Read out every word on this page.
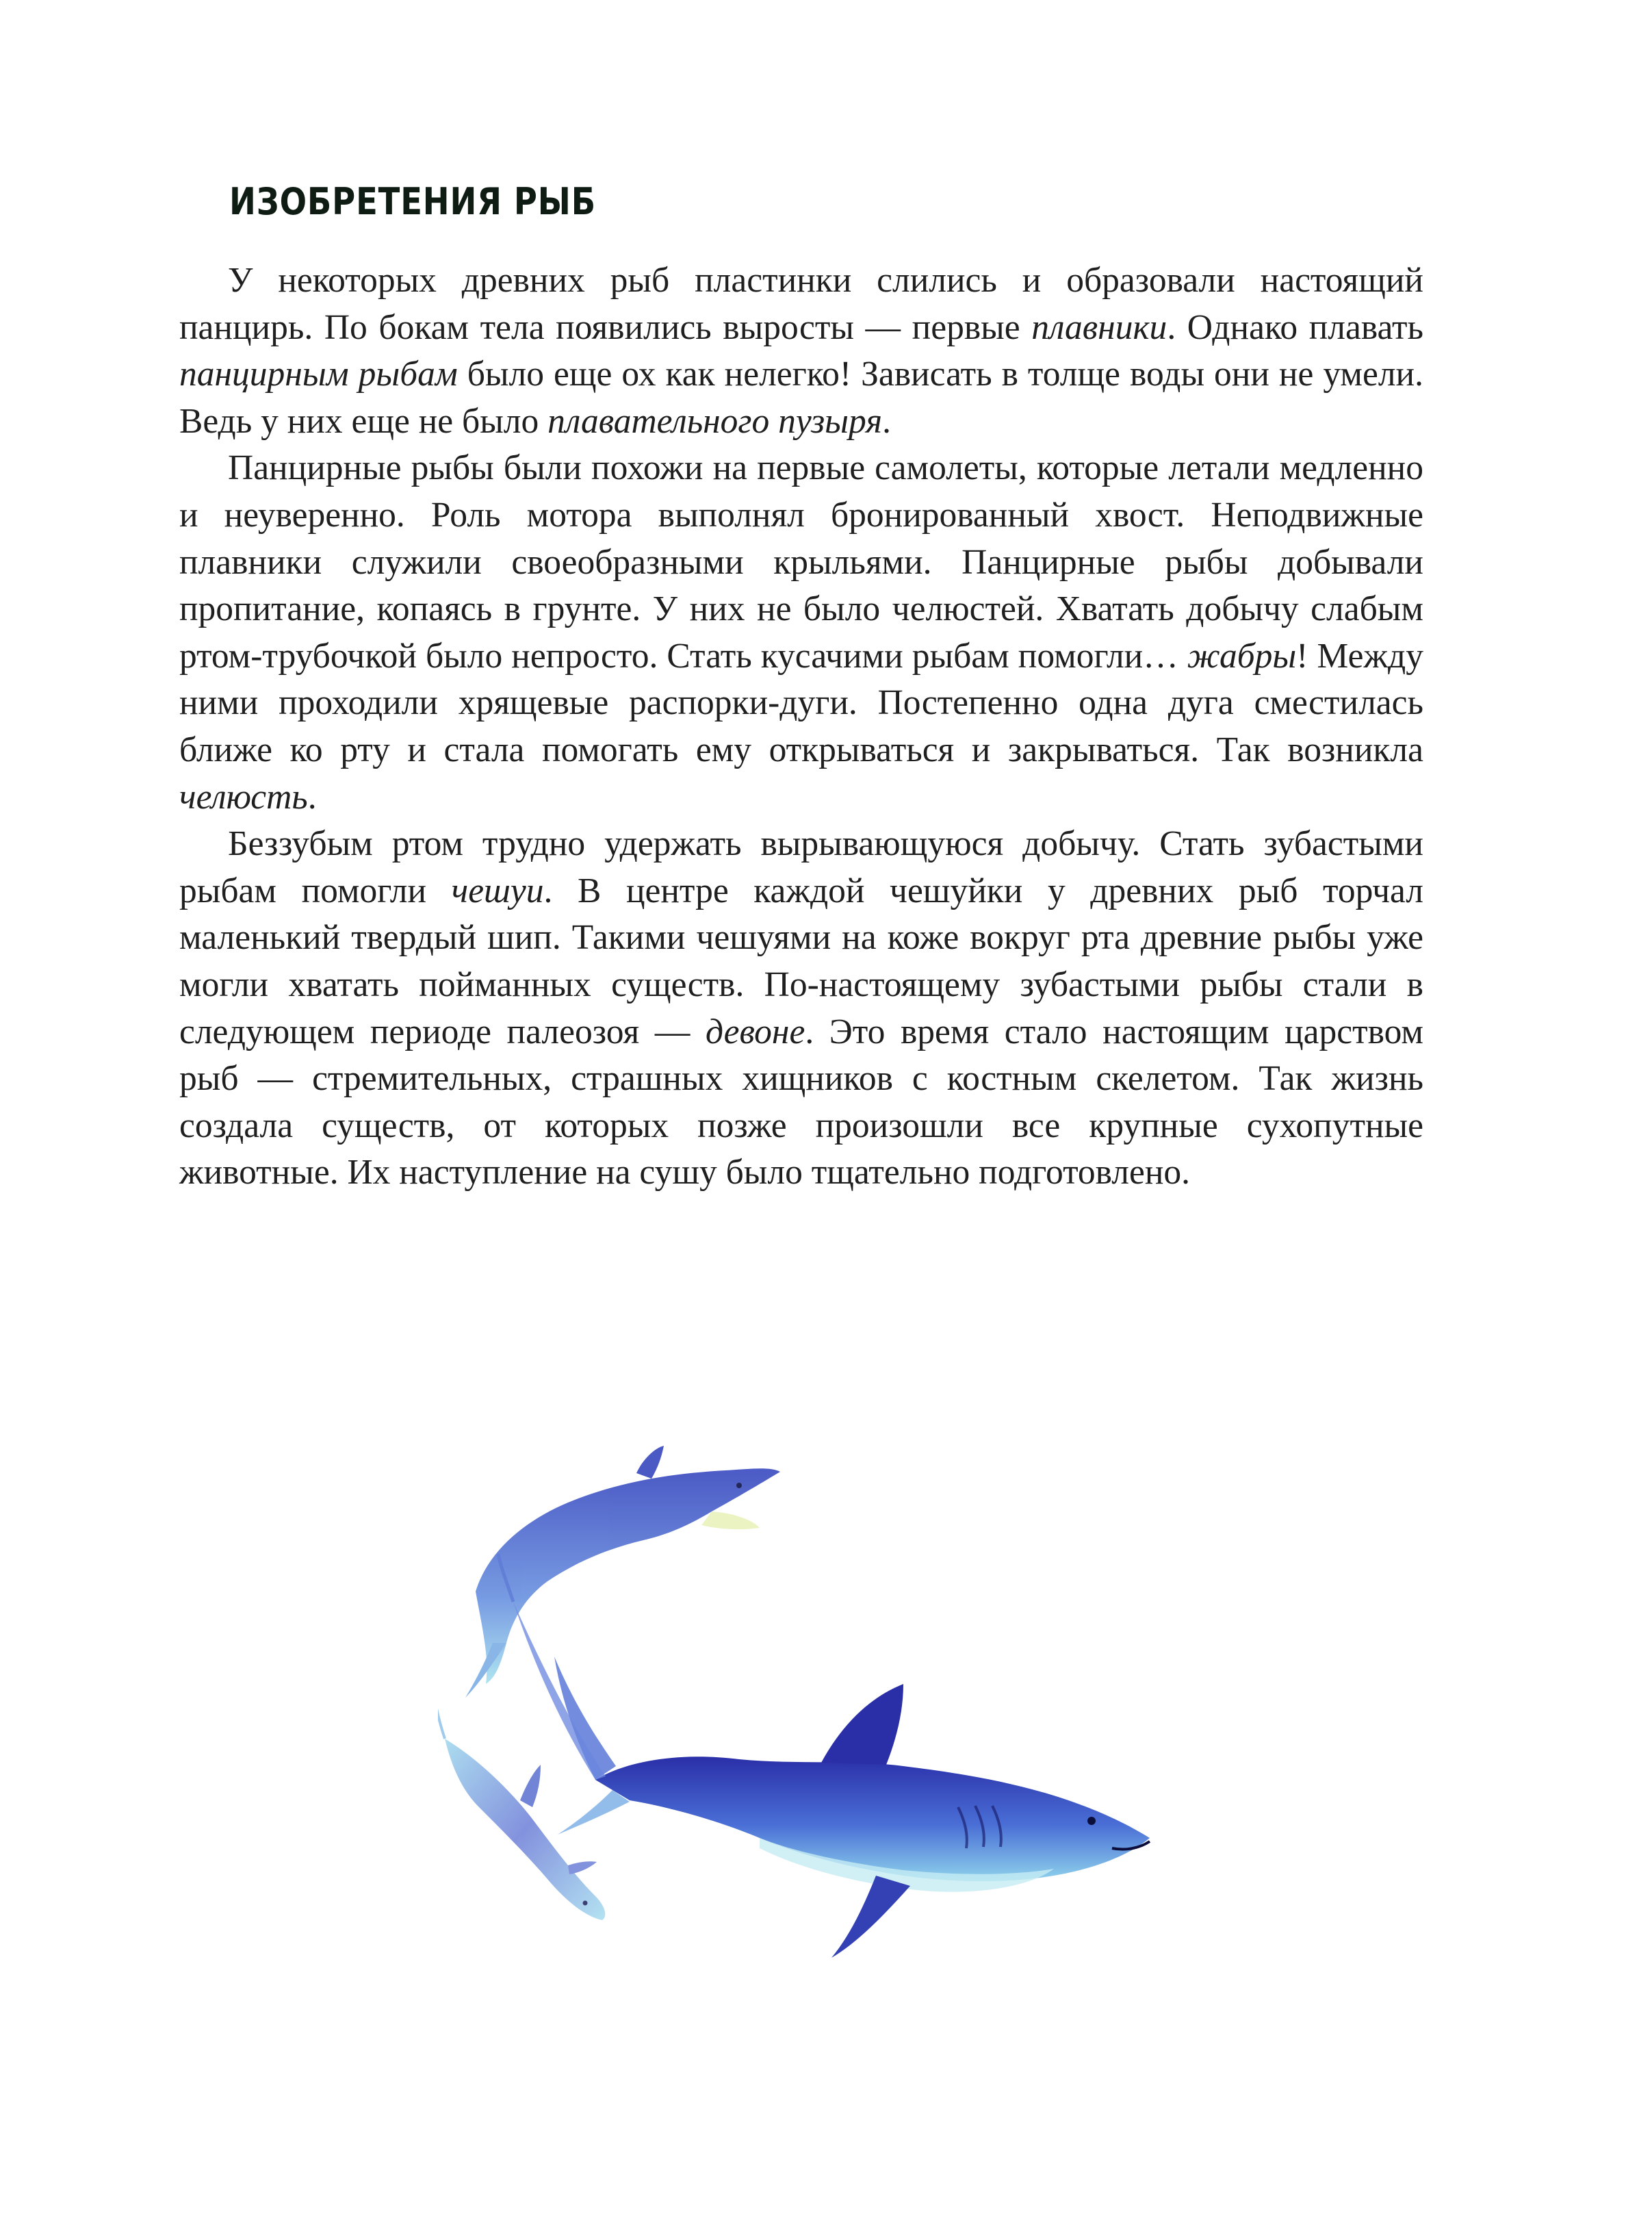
ИЗОБРЕТЕНИЯ РЫБ

У некоторых древних рыб пластинки слились и образовали настоящий панцирь. По бокам тела появились выросты — первые плавники. Однако плавать панцирным рыбам было еще ох как нелегко! Зависать в толще воды они не умели. Ведь у них еще не было плавательного пузыря.

Панцирные рыбы были похожи на первые самолеты, которые летали медленно и неуверенно. Роль мотора выполнял бронированный хвост. Неподвижные плавники служили своеобразными крыльями. Панцирные рыбы добывали пропитание, копаясь в грунте. У них не было челюстей. Хватать добычу слабым ртом-трубочкой было непросто. Стать кусачими рыбам помогли… жабры! Между ними проходили хрящевые распорки-дуги. Постепенно одна дуга сместилась ближе ко рту и стала помогать ему открываться и закрываться. Так возникла челюсть.

Беззубым ртом трудно удержать вырывающуюся добычу. Стать зубастыми рыбам помогли чешуи. В центре каждой чешуйки у древних рыб торчал маленький твердый шип. Такими чешуями на коже вокруг рта древние рыбы уже могли хватать пойманных существ. По-настоящему зубастыми рыбы стали в следующем периоде палеозоя — девоне. Это время стало настоящим царством рыб — стремительных, страшных хищников с костным скелетом. Так жизнь создала существ, от которых позже произошли все крупные сухопутные животные. Их наступление на сушу было тщательно подготовлено.
